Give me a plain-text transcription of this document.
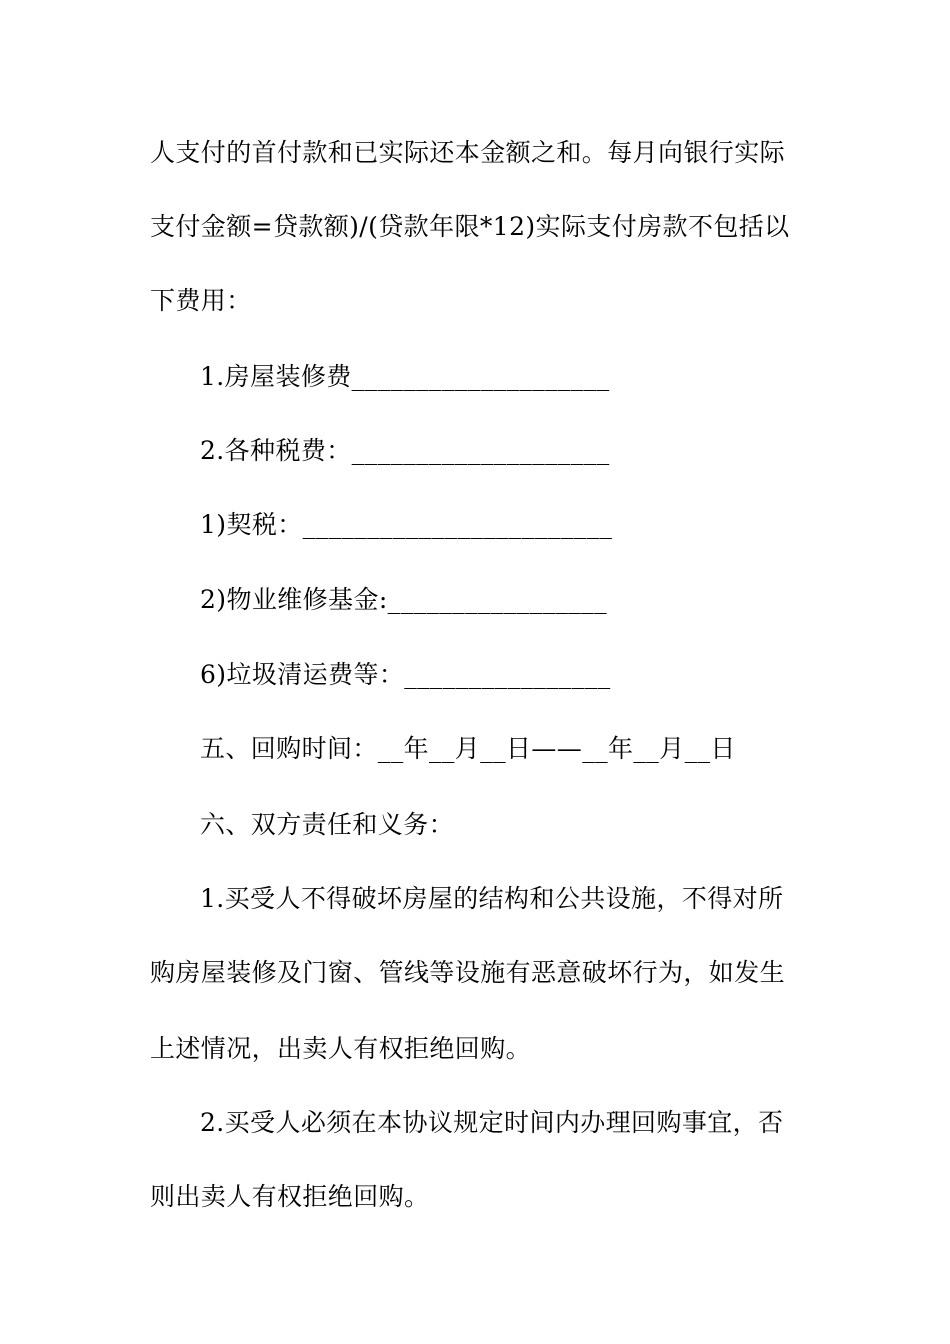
人支付的首付款和已实际还本金额之和。每月向银行实际
支付金额=贷款额)/(贷款年限*12)实际支付房款不包括以
下费用：
1.房屋装修费____________________
2.各种税费：____________________
1)契税：________________________
2)物业维修基金:_________________
6)垃圾清运费等：________________
五、回购时间：__年__月__日——__年__月__日
六、双方责任和义务：
1.买受人不得破坏房屋的结构和公共设施，不得对所
购房屋装修及门窗、管线等设施有恶意破坏行为，如发生
上述情况，出卖人有权拒绝回购。
2.买受人必须在本协议规定时间内办理回购事宜，否
则出卖人有权拒绝回购。
